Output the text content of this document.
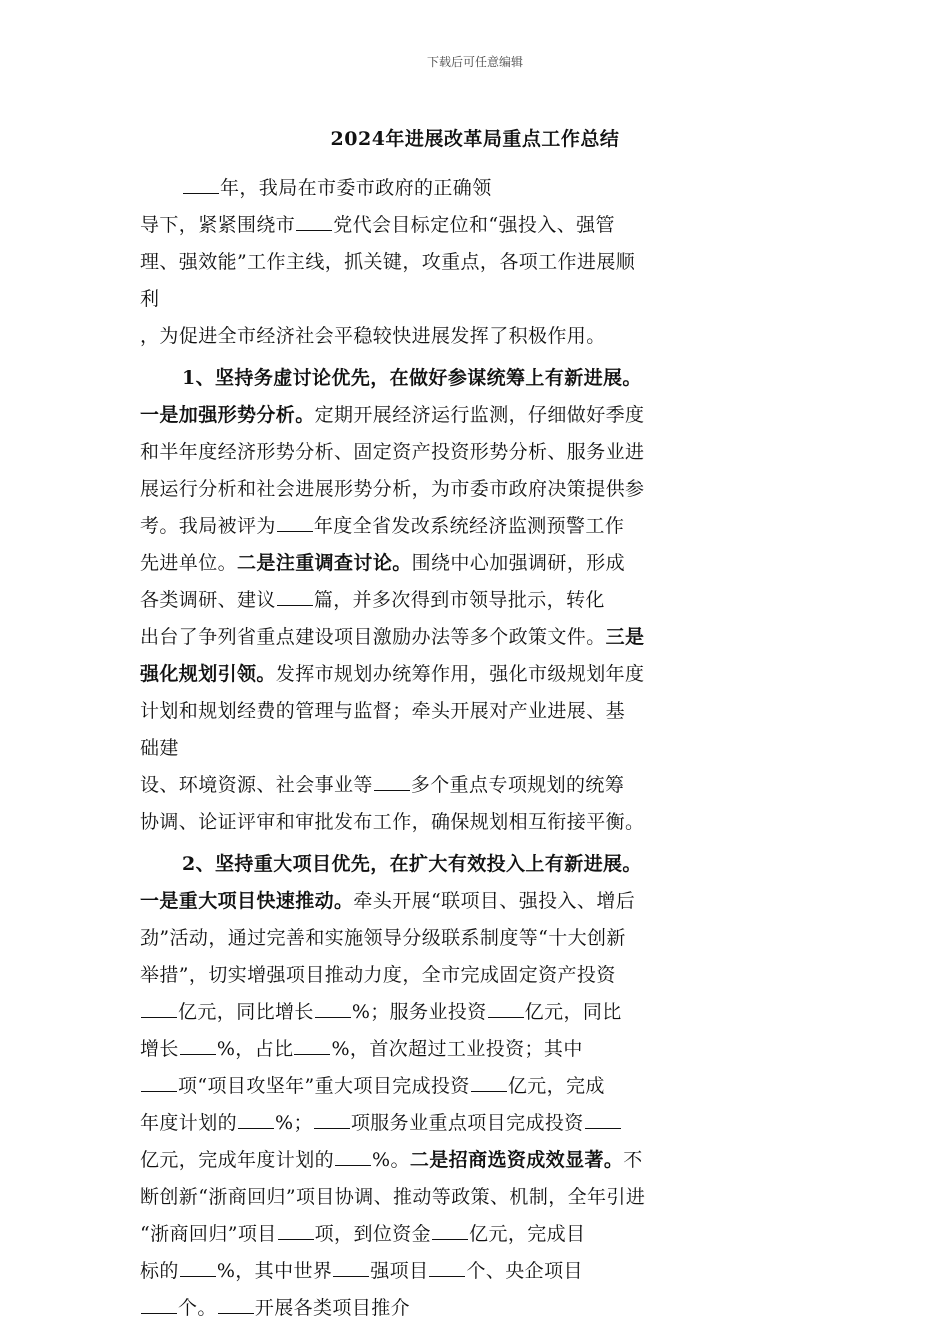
下载后可任意编辑
2024年进展改革局重点工作总结
年，我局在市委市政府的正确领
导下，紧紧围绕市 党代会目标定位和“强投入、强管
理、强效能”工作主线，抓关键，攻重点，各项工作进展顺
利
，为促进全市经济社会平稳较快进展发挥了积极作用。
1、坚持务虚讨论优先，在做好参谋统筹上有新进展。
一是加强形势分析。定期开展经济运行监测，仔细做好季度
和半年度经济形势分析、固定资产投资形势分析、服务业进
展运行分析和社会进展形势分析，为市委市政府决策提供参
考。我局被评为 年度全省发改系统经济监测预警工作
先进单位。二是注重调查讨论。围绕中心加强调研，形成
各类调研、建议 篇，并多次得到市领导批示，转化
出台了争列省重点建设项目激励办法等多个政策文件。三是
强化规划引领。发挥市规划办统筹作用，强化市级规划年度
计划和规划经费的管理与监督；牵头开展对产业进展、基
础建
设、环境资源、社会事业等 多个重点专项规划的统筹
协调、论证评审和审批发布工作，确保规划相互衔接平衡。
2、坚持重大项目优先，在扩大有效投入上有新进展。
一是重大项目快速推动。牵头开展“联项目、强投入、增后
劲”活动，通过完善和实施领导分级联系制度等“十大创新
举措”，切实增强项目推动力度，全市完成固定资产投资
亿元，同比增长 %；服务业投资 亿元，同比
增长 %，占比 %，首次超过工业投资；其中
项“项目攻坚年”重大项目完成投资 亿元，完成
年度计划的 %； 项服务业重点项目完成投资
亿元，完成年度计划的 %。二是招商选资成效显著。不
断创新“浙商回归”项目协调、推动等政策、机制，全年引进
“浙商回归”项目 项，到位资金 亿元，完成目
标的 %，其中世界 强项目 个、央企项目
个。 开展各类项目推介
